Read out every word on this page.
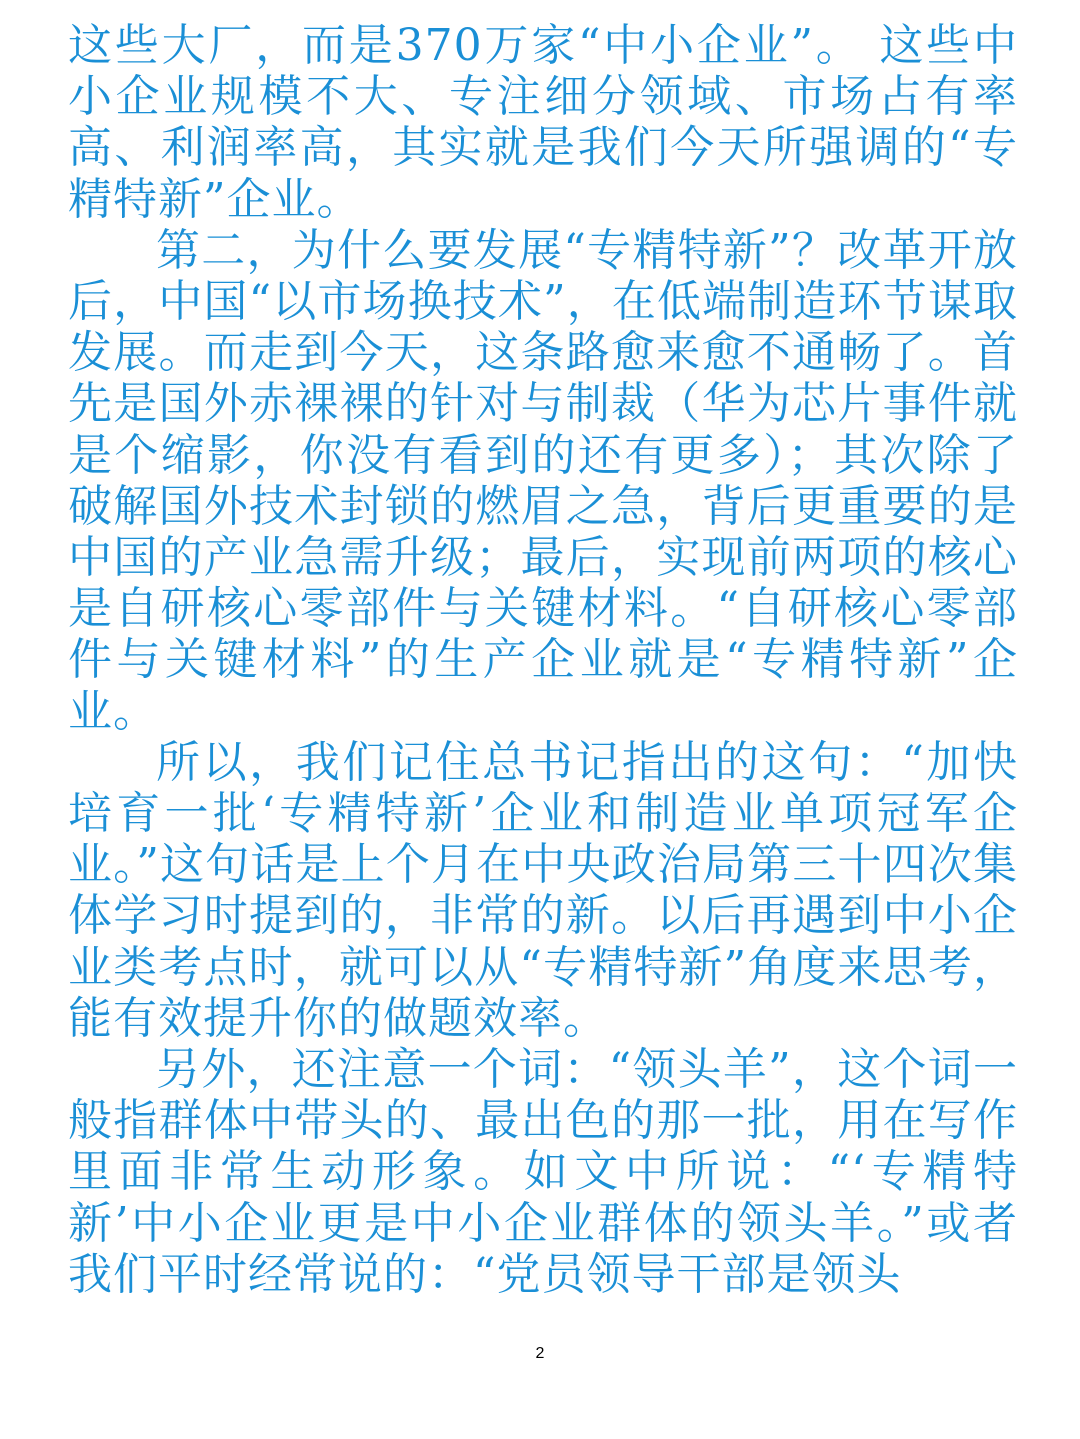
这些大厂，而是370万家“中小企业”。 这些中小企业规模不大、专注细分领域、市场占有率高、利润率高，其实就是我们今天所强调的“专精特新”企业。

第二，为什么要发展“专精特新”？改革开放后，中国“以市场换技术”，在低端制造环节谋取发展。而走到今天，这条路愈来愈不通畅了。首先是国外赤裸裸的针对与制裁（华为芯片事件就是个缩影，你没有看到的还有更多）；其次除了破解国外技术封锁的燃眉之急，背后更重要的是中国的产业急需升级；最后，实现前两项的核心是自研核心零部件与关键材料。“自研核心零部件与关键材料”的生产企业就是“专精特新”企业。

所以，我们记住总书记指出的这句：“加快培育一批‘专精特新’企业和制造业单项冠军企业。”这句话是上个月在中央政治局第三十四次集体学习时提到的，非常的新。以后再遇到中小企业类考点时，就可以从“专精特新”角度来思考，能有效提升你的做题效率。

另外，还注意一个词：“领头羊”，这个词一般指群体中带头的、最出色的那一批，用在写作里面非常生动形象。如文中所说：“‘专精特新’中小企业更是中小企业群体的领头羊。”或者我们平时经常说的：“党员领导干部是领头

2
